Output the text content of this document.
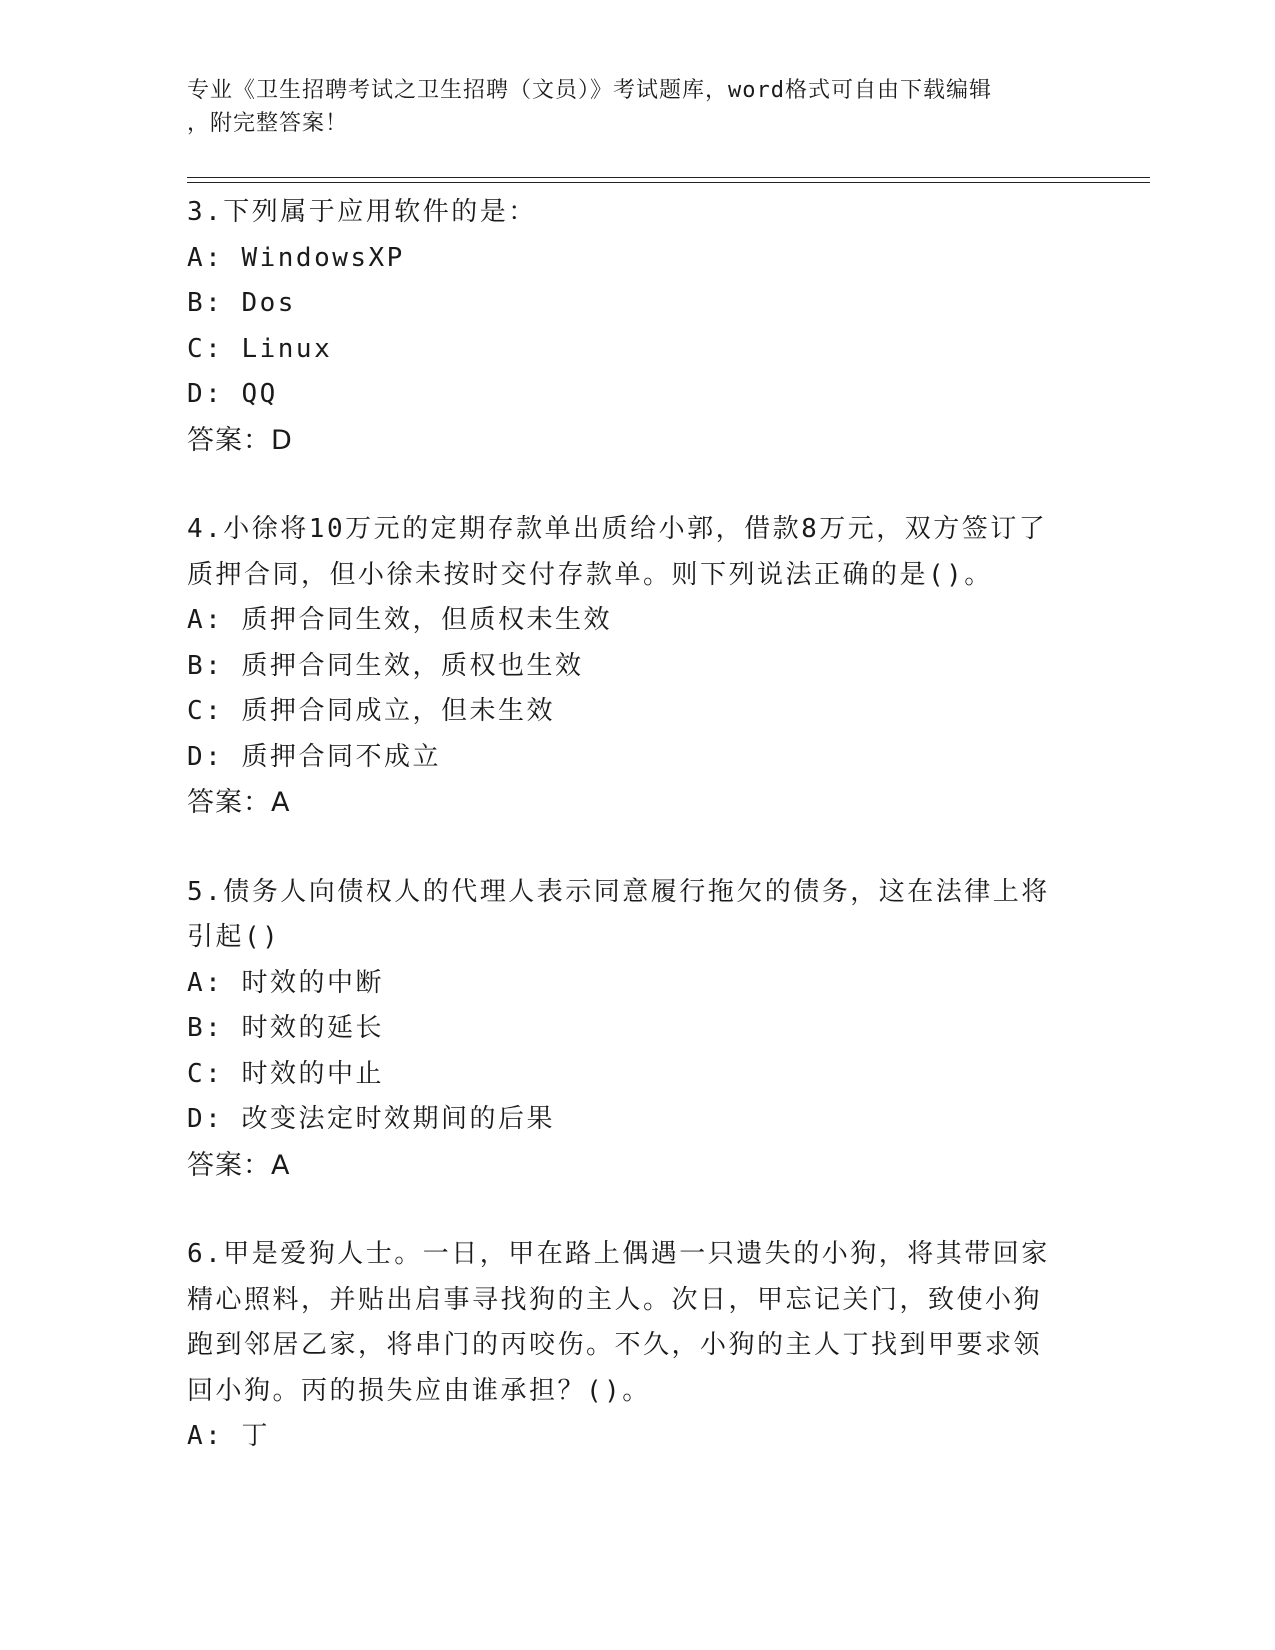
专业《卫生招聘考试之卫生招聘（文员）》考试题库，word格式可自由下载编辑
，附完整答案！
3.下列属于应用软件的是：
A: WindowsXP
B: Dos
C: Linux
D: QQ
答案：D
4.小徐将10万元的定期存款单出质给小郭，借款8万元，双方签订了
质押合同，但小徐未按时交付存款单。则下列说法正确的是()。
A: 质押合同生效，但质权未生效
B: 质押合同生效，质权也生效
C: 质押合同成立，但未生效
D: 质押合同不成立
答案：A
5.债务人向债权人的代理人表示同意履行拖欠的债务，这在法律上将
引起()
A: 时效的中断
B: 时效的延长
C: 时效的中止
D: 改变法定时效期间的后果
答案：A
6.甲是爱狗人士。一日，甲在路上偶遇一只遗失的小狗，将其带回家
精心照料，并贴出启事寻找狗的主人。次日，甲忘记关门，致使小狗
跑到邻居乙家，将串门的丙咬伤。不久，小狗的主人丁找到甲要求领
回小狗。丙的损失应由谁承担？()。
A: 丁
